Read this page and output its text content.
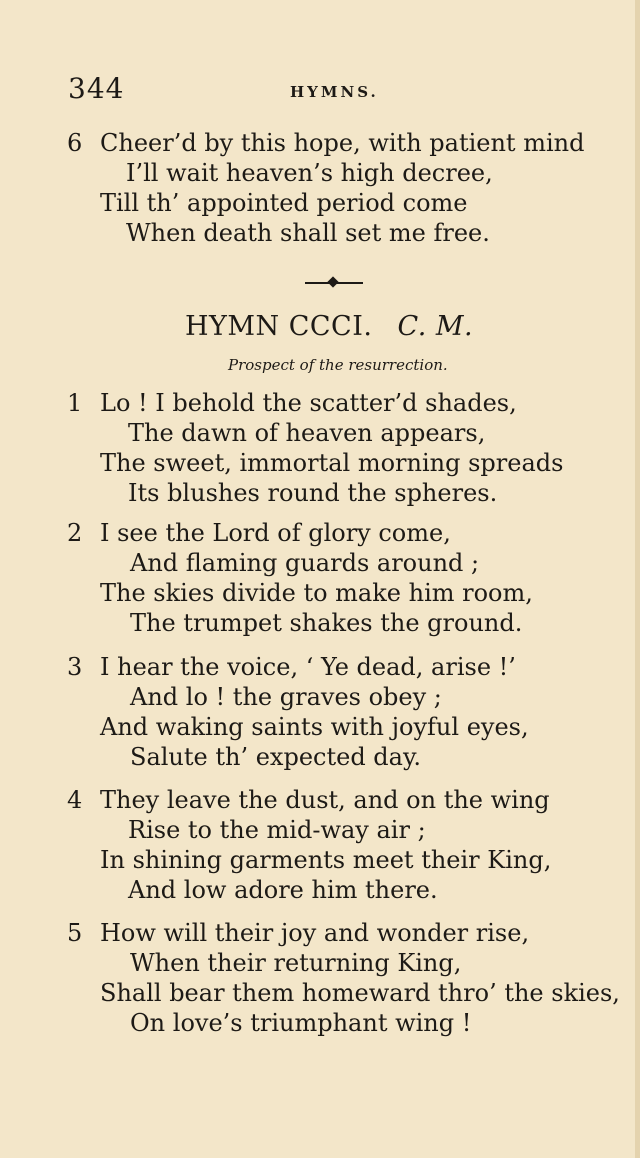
344	HYMNS.
6 Cheer’d by this hope, with patient mind
I’ll wait heaven’s high decree,
Till th’ appointed period come
When death shall set me free.
HYMN CCCI. C. M.
Prospect of the resurrection.
1 Lo ! I behold the scatter’d shades,
The dawn of heaven appears,
The sweet, immortal morning spreads
Its blushes round the spheres.
2 I see the Lord of glory come,
And flaming guards around ;
The skies divide to make him room,
The trumpet shakes the ground.
3 I hear the voice, ‘ Ye dead, arise !’
And lo ! the graves obey ;
And waking saints with joyful eyes,
Salute th’ expected day.
4 They leave the dust, and on the wing
Rise to the mid-way air ;
In shining garments meet their King,
And low adore him there.
5 How will their joy and wonder rise,
When their returning King,
Shall bear them homeward thro’ the skies,
On love’s triumphant wing !
